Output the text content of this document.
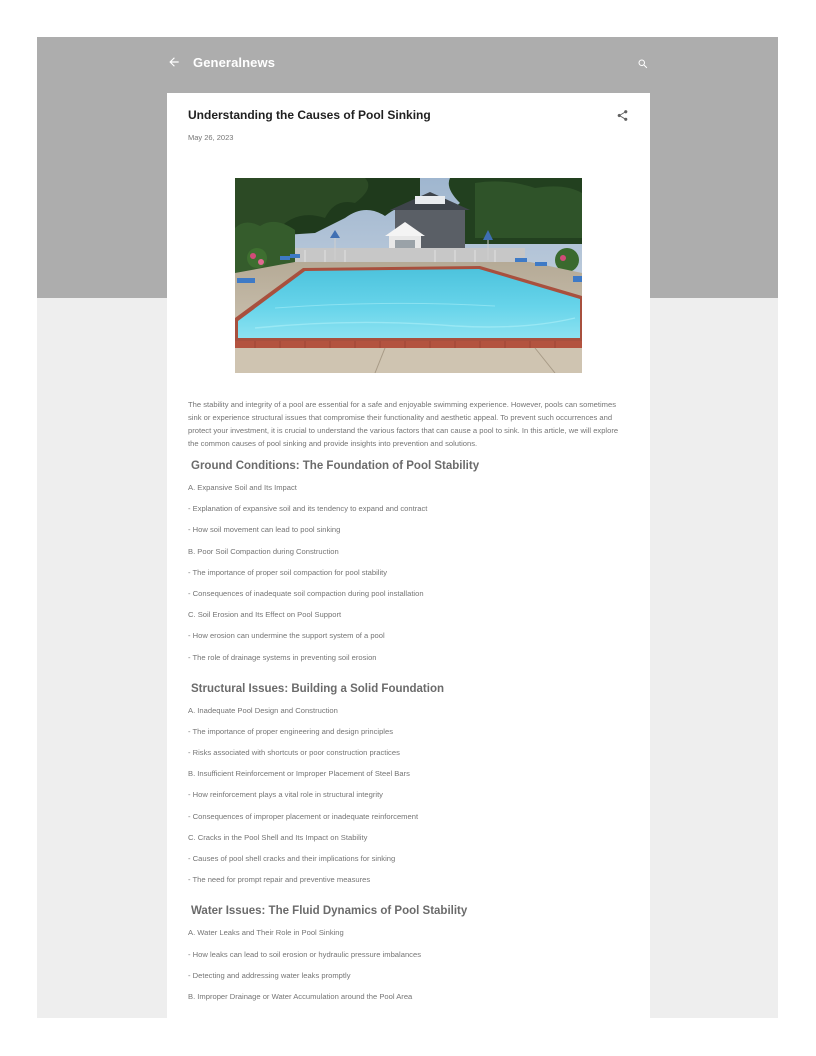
Generalnews
Understanding the Causes of Pool Sinking
May 26, 2023

The stability and integrity of a pool are essential for a safe and enjoyable swimming experience. However, pools can sometimes sink or experience structural issues that compromise their functionality and aesthetic appeal. To prevent such occurrences and protect your investment, it is crucial to understand the various factors that can cause a pool to sink. In this article, we will explore the common causes of pool sinking and provide insights into prevention and solutions.

Ground Conditions: The Foundation of Pool Stability
A. Expansive Soil and Its Impact
- Explanation of expansive soil and its tendency to expand and contract
- How soil movement can lead to pool sinking
B. Poor Soil Compaction during Construction
- The importance of proper soil compaction for pool stability
- Consequences of inadequate soil compaction during pool installation
C. Soil Erosion and Its Effect on Pool Support
- How erosion can undermine the support system of a pool
- The role of drainage systems in preventing soil erosion
Structural Issues: Building a Solid Foundation
A. Inadequate Pool Design and Construction
- The importance of proper engineering and design principles
- Risks associated with shortcuts or poor construction practices
B. Insufficient Reinforcement or Improper Placement of Steel Bars
- How reinforcement plays a vital role in structural integrity
- Consequences of improper placement or inadequate reinforcement
C. Cracks in the Pool Shell and Its Impact on Stability
- Causes of pool shell cracks and their implications for sinking
- The need for prompt repair and preventive measures
Water Issues: The Fluid Dynamics of Pool Stability
A. Water Leaks and Their Role in Pool Sinking
- How leaks can lead to soil erosion or hydraulic pressure imbalances
- Detecting and addressing water leaks promptly
B. Improper Drainage or Water Accumulation around the Pool Area
